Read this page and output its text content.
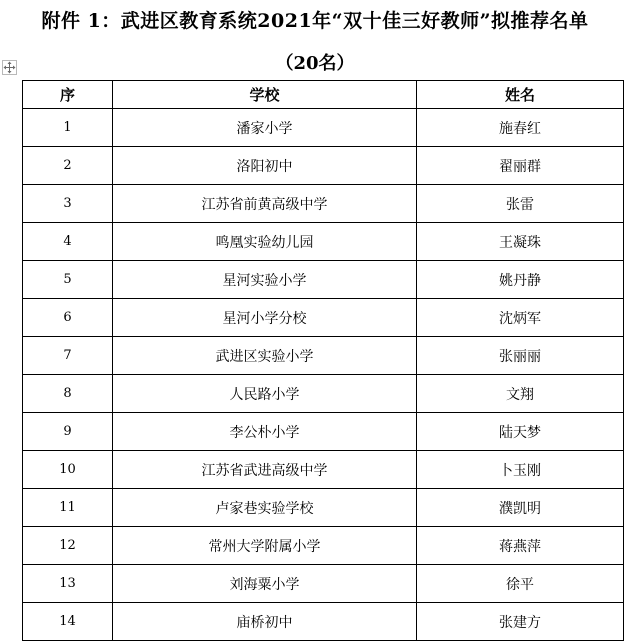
附件 1：武进区教育系统2021年“双十佳三好教师”拟推荐名单
（20名）
序	学校	姓名
1	潘家小学	施春红
2	洛阳初中	翟丽群
3	江苏省前黄高级中学	张雷
4	鸣凰实验幼儿园	王凝珠
5	星河实验小学	姚丹静
6	星河小学分校	沈炳军
7	武进区实验小学	张丽丽
8	人民路小学	文翔
9	李公朴小学	陆天梦
10	江苏省武进高级中学	卜玉刚
11	卢家巷实验学校	濮凯明
12	常州大学附属小学	蒋燕萍
13	刘海粟小学	徐平
14	庙桥初中	张建方
